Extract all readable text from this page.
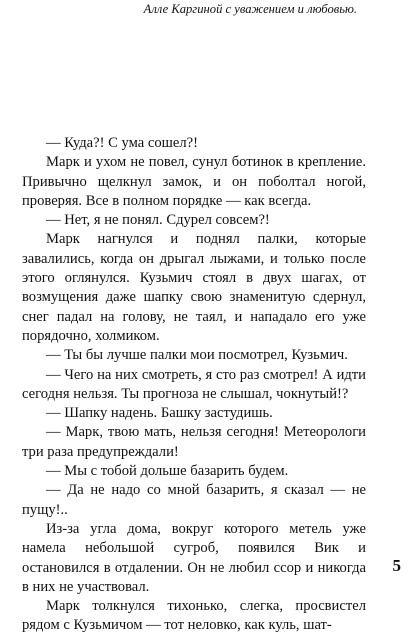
Алле Каргиной с уважением и любовью.

— Куда?! С ума сошел?!

Марк и ухом не повел, сунул ботинок в крепление. Привычно щелкнул замок, и он поболтал ногой, проверяя. Все в полном порядке — как всегда.

— Нет, я не понял. Сдурел совсем?!

Марк нагнулся и поднял палки, которые завалились, когда он дрыгал лыжами, и только после этого оглянулся. Кузьмич стоял в двух шагах, от возмущения даже шапку свою знаменитую сдернул, снег падал на голову, не таял, и нападало его уже порядочно, холмиком.

— Ты бы лучше палки мои посмотрел, Кузьмич.

— Чего на них смотреть, я сто раз смотрел! А идти сегодня нельзя. Ты прогноза не слышал, чокнутый!?

— Шапку надень. Башку застудишь.

— Марк, твою мать, нельзя сегодня! Метеорологи три раза предупреждали!

— Мы с тобой дольше базарить будем.

— Да не надо со мной базарить, я сказал — не пущу!..

Из-за угла дома, вокруг которого метель уже намела небольшой сугроб, появился Вик и остановился в отдалении. Он не любил ссор и никогда в них не участвовал.

Марк толкнулся тихонько, слегка, просвистел рядом с Кузьмичом — тот неловко, как куль, шат-

5
